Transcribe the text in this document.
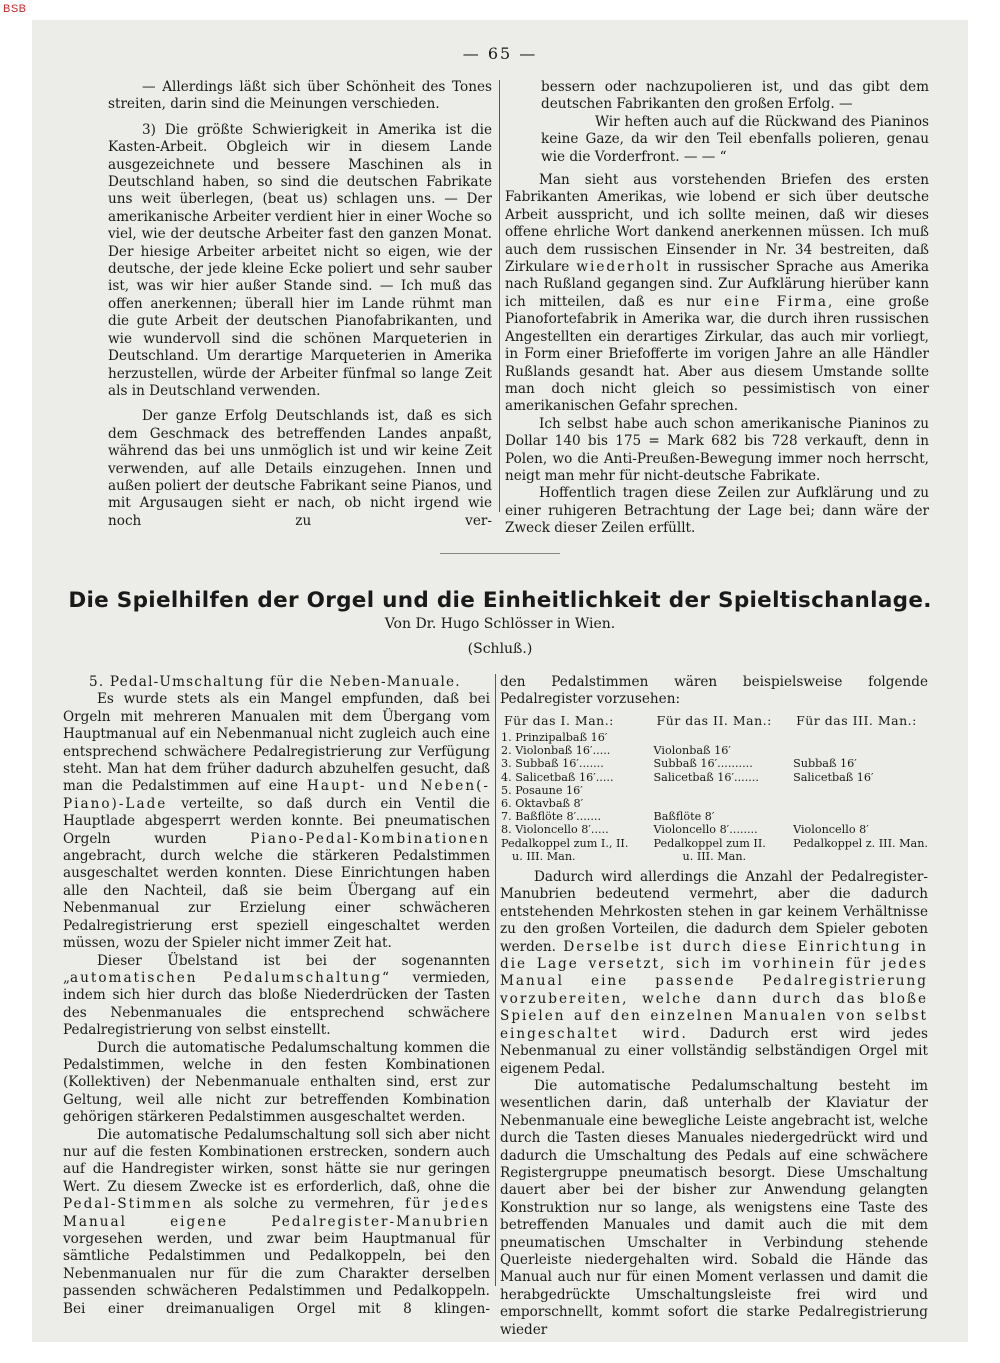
BSB
— 65 —

— Allerdings läßt sich über Schönheit des Tones streiten, darin sind die Meinungen verschieden.

3) Die größte Schwierigkeit in Amerika ist die Kasten-Arbeit. Obgleich wir in diesem Lande ausgezeichnete und bessere Maschinen als in Deutschland haben, so sind die deutschen Fabrikate uns weit überlegen, (beat us) schlagen uns. — Der amerikanische Arbeiter verdient hier in einer Woche so viel, wie der deutsche Arbeiter fast den ganzen Monat. Der hiesige Arbeiter arbeitet nicht so eigen, wie der deutsche, der jede kleine Ecke poliert und sehr sauber ist, was wir hier außer Stande sind. — Ich muß das offen anerkennen; überall hier im Lande rühmt man die gute Arbeit der deutschen Pianofabrikanten, und wie wundervoll sind die schönen Marqueterien in Deutschland. Um derartige Marqueterien in Amerika herzustellen, würde der Arbeiter fünfmal so lange Zeit als in Deutschland verwenden.

Der ganze Erfolg Deutschlands ist, daß es sich dem Geschmack des betreffenden Landes anpaßt, während das bei uns unmöglich ist und wir keine Zeit verwenden, auf alle Details einzugehen. Innen und außen poliert der deutsche Fabrikant seine Pianos, und mit Argusaugen sieht er nach, ob nicht irgend wie noch zu ver-

bessern oder nachzupolieren ist, und das gibt dem deutschen Fabrikanten den großen Erfolg. —

Wir heften auch auf die Rückwand des Pianinos keine Gaze, da wir den Teil ebenfalls polieren, genau wie die Vorderfront. — — “

Man sieht aus vorstehenden Briefen des ersten Fabrikanten Amerikas, wie lobend er sich über deutsche Arbeit ausspricht, und ich sollte meinen, daß wir dieses offene ehrliche Wort dankend anerkennen müssen. Ich muß auch dem russischen Einsender in Nr. 34 bestreiten, daß Zirkulare wiederholt in russischer Sprache aus Amerika nach Rußland gegangen sind. Zur Aufklärung hierüber kann ich mitteilen, daß es nur eine Firma, eine große Pianofortefabrik in Amerika war, die durch ihren russischen Angestellten ein derartiges Zirkular, das auch mir vorliegt, in Form einer Briefofferte im vorigen Jahre an alle Händler Rußlands gesandt hat. Aber aus diesem Umstande sollte man doch nicht gleich so pessimistisch von einer amerikanischen Gefahr sprechen.

Ich selbst habe auch schon amerikanische Pianinos zu Dollar 140 bis 175 = Mark 682 bis 728 verkauft, denn in Polen, wo die Anti-Preußen-Bewegung immer noch herrscht, neigt man mehr für nicht-deutsche Fabrikate.

Hoffentlich tragen diese Zeilen zur Aufklärung und zu einer ruhigeren Betrachtung der Lage bei; dann wäre der Zweck dieser Zeilen erfüllt.

Die Spielhilfen der Orgel und die Einheitlichkeit der Spieltischanlage.
Von Dr. Hugo Schlösser in Wien.
(Schluß.)

5. Pedal-Umschaltung für die Neben-Manuale.

Es wurde stets als ein Mangel empfunden, daß bei Orgeln mit mehreren Manualen mit dem Übergang vom Hauptmanual auf ein Nebenmanual nicht zugleich auch eine entsprechend schwächere Pedalregistrierung zur Verfügung steht. Man hat dem früher dadurch abzuhelfen gesucht, daß man die Pedalstimmen auf eine Haupt- und Neben(-Piano)-Lade verteilte, so daß durch ein Ventil die Hauptlade abgesperrt werden konnte. Bei pneumatischen Orgeln wurden	Piano-Pedal-Kombinationen angebracht, durch welche die stärkeren Pedalstimmen ausgeschaltet werden konnten. Diese Einrichtungen haben alle den Nachteil, daß sie beim Übergang auf ein Nebenmanual zur Erzielung einer schwächeren Pedalregistrierung erst speziell eingeschaltet werden müssen, wozu der Spieler nicht immer Zeit hat.

Dieser Übelstand ist bei der sogenannten „automatischen Pedalumschaltung“ vermieden, indem sich hier durch das bloße Niederdrücken der Tasten des Nebenmanuales die entsprechend schwächere Pedalregistrierung von selbst einstellt.

Durch die automatische Pedalumschaltung kommen die Pedalstimmen, welche in den festen Kombinationen (Kollektiven) der Nebenmanuale enthalten sind, erst zur Geltung, weil alle nicht zur betreffenden Kombination gehörigen stärkeren Pedalstimmen ausgeschaltet werden.

Die automatische Pedalumschaltung soll sich aber nicht nur auf die festen Kombinationen erstrecken, sondern auch auf die Handregister wirken, sonst hätte sie nur geringen Wert. Zu diesem Zwecke ist es erforderlich, daß, ohne die Pedal-Stimmen als solche zu vermehren, für jedes Manual eigene Pedalregister-Manubrien vorgesehen werden, und zwar beim Hauptmanual für sämtliche Pedalstimmen und Pedalkoppeln, bei den Nebenmanualen nur für die zum Charakter derselben passenden schwächeren Pedalstimmen und Pedalkoppeln. Bei einer dreimanualigen Orgel mit 8 klingen-

den Pedalstimmen wären beispielsweise folgende Pedalregister vorzusehen:

Für das I. Man.:	Für das II. Man.:	Für das III. Man.:
1. Prinzipalbaß 16′		
2. Violonbaß 16′.....	Violonbaß 16′	
3. Subbaß 16′.......	Subbaß 16′..........	Subbaß 16′
4. Salicetbaß 16′.....	Salicetbaß 16′.......	Salicetbaß 16′
5. Posaune 16′		
6. Oktavbaß 8′		
7. Baßflöte 8′.......	Baßflöte 8′	
8. Violoncello 8′.....	Violoncello 8′........	Violoncello 8′
Pedalkoppel zum I., II.	Pedalkoppel zum II.	Pedalkoppel z. III. Man.
u. III. Man.	u. III. Man.	

Dadurch wird allerdings die Anzahl der Pedalregister-Manubrien bedeutend vermehrt, aber die dadurch entstehenden Mehrkosten stehen in gar keinem Verhältnisse zu den großen Vorteilen, die dadurch dem Spieler geboten werden. Derselbe ist durch diese Einrichtung in die Lage versetzt, sich im vorhinein für jedes Manual eine passende Pedalregistrierung vorzubereiten, welche dann durch das bloße Spielen auf den einzelnen Manualen von selbst eingeschaltet wird. Dadurch erst wird jedes Nebenmanual zu einer vollständig selbständigen Orgel mit eigenem Pedal.

Die automatische Pedalumschaltung besteht im wesentlichen darin, daß unterhalb der Klaviatur der Nebenmanuale eine bewegliche Leiste angebracht ist, welche durch die Tasten dieses Manuales niedergedrückt wird und dadurch die Umschaltung des Pedals auf eine schwächere Registergruppe pneumatisch besorgt. Diese Umschaltung dauert aber bei der bisher zur Anwendung gelangten Konstruktion nur so lange, als wenigstens eine Taste des betreffenden Manuales und damit auch die mit dem pneumatischen Umschalter in Verbindung stehende Querleiste niedergehalten wird. Sobald die Hände das Manual auch nur für einen Moment verlassen und damit die herabgedrückte Umschaltungsleiste frei wird und emporschnellt, kommt sofort die starke Pedalregistrierung wieder
